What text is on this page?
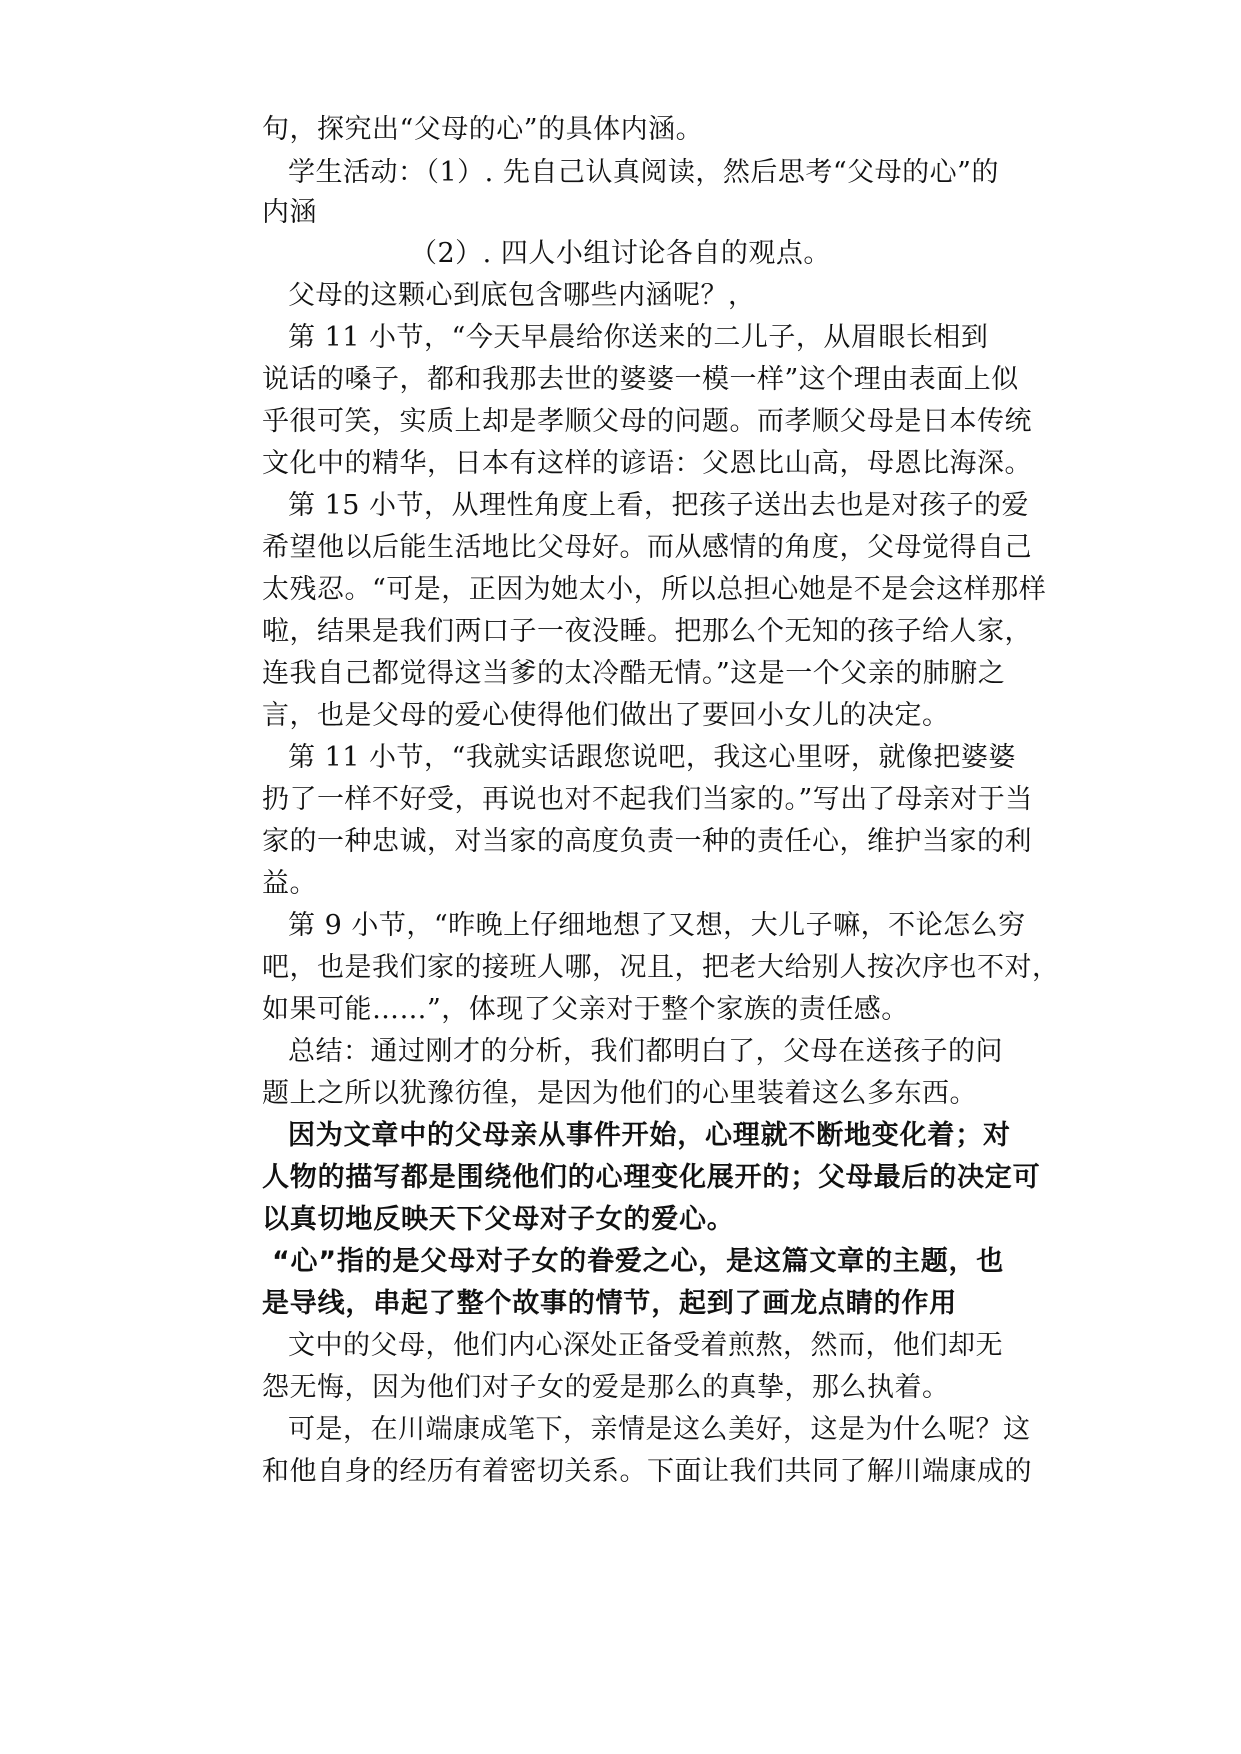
句，探究出“父母的心”的具体内涵。
学生活动：（1）. 先自己认真阅读，然后思考“父母的心”的
内涵
（2）. 四人小组讨论各自的观点。
父母的这颗心到底包含哪些内涵呢？，
第 11 小节，“今天早晨给你送来的二儿子，从眉眼长相到
说话的嗓子，都和我那去世的婆婆一模一样”这个理由表面上似
乎很可笑，实质上却是孝顺父母的问题。而孝顺父母是日本传统
文化中的精华，日本有这样的谚语：父恩比山高，母恩比海深。
第 15 小节，从理性角度上看，把孩子送出去也是对孩子的爱
希望他以后能生活地比父母好。而从感情的角度，父母觉得自己
太残忍。“可是，正因为她太小，所以总担心她是不是会这样那样
啦，结果是我们两口子一夜没睡。把那么个无知的孩子给人家，
连我自己都觉得这当爹的太冷酷无情。”这是一个父亲的肺腑之
言，也是父母的爱心使得他们做出了要回小女儿的决定。
第 11 小节，“我就实话跟您说吧，我这心里呀，就像把婆婆
扔了一样不好受，再说也对不起我们当家的。”写出了母亲对于当
家的一种忠诚，对当家的高度负责一种的责任心，维护当家的利
益。
第 9 小节，“昨晚上仔细地想了又想，大儿子嘛，不论怎么穷
吧，也是我们家的接班人哪，况且，把老大给别人按次序也不对，
如果可能……”，体现了父亲对于整个家族的责任感。
总结：通过刚才的分析，我们都明白了，父母在送孩子的问
题上之所以犹豫彷徨，是因为他们的心里装着这么多东西。
因为文章中的父母亲从事件开始，心理就不断地变化着；对
人物的描写都是围绕他们的心理变化展开的；父母最后的决定可
以真切地反映天下父母对子女的爱心。
“心”指的是父母对子女的眷爱之心，是这篇文章的主题，也
是导线，串起了整个故事的情节，起到了画龙点睛的作用
文中的父母，他们内心深处正备受着煎熬，然而，他们却无
怨无悔，因为他们对子女的爱是那么的真挚，那么执着。
可是，在川端康成笔下，亲情是这么美好，这是为什么呢？这
和他自身的经历有着密切关系。下面让我们共同了解川端康成的
